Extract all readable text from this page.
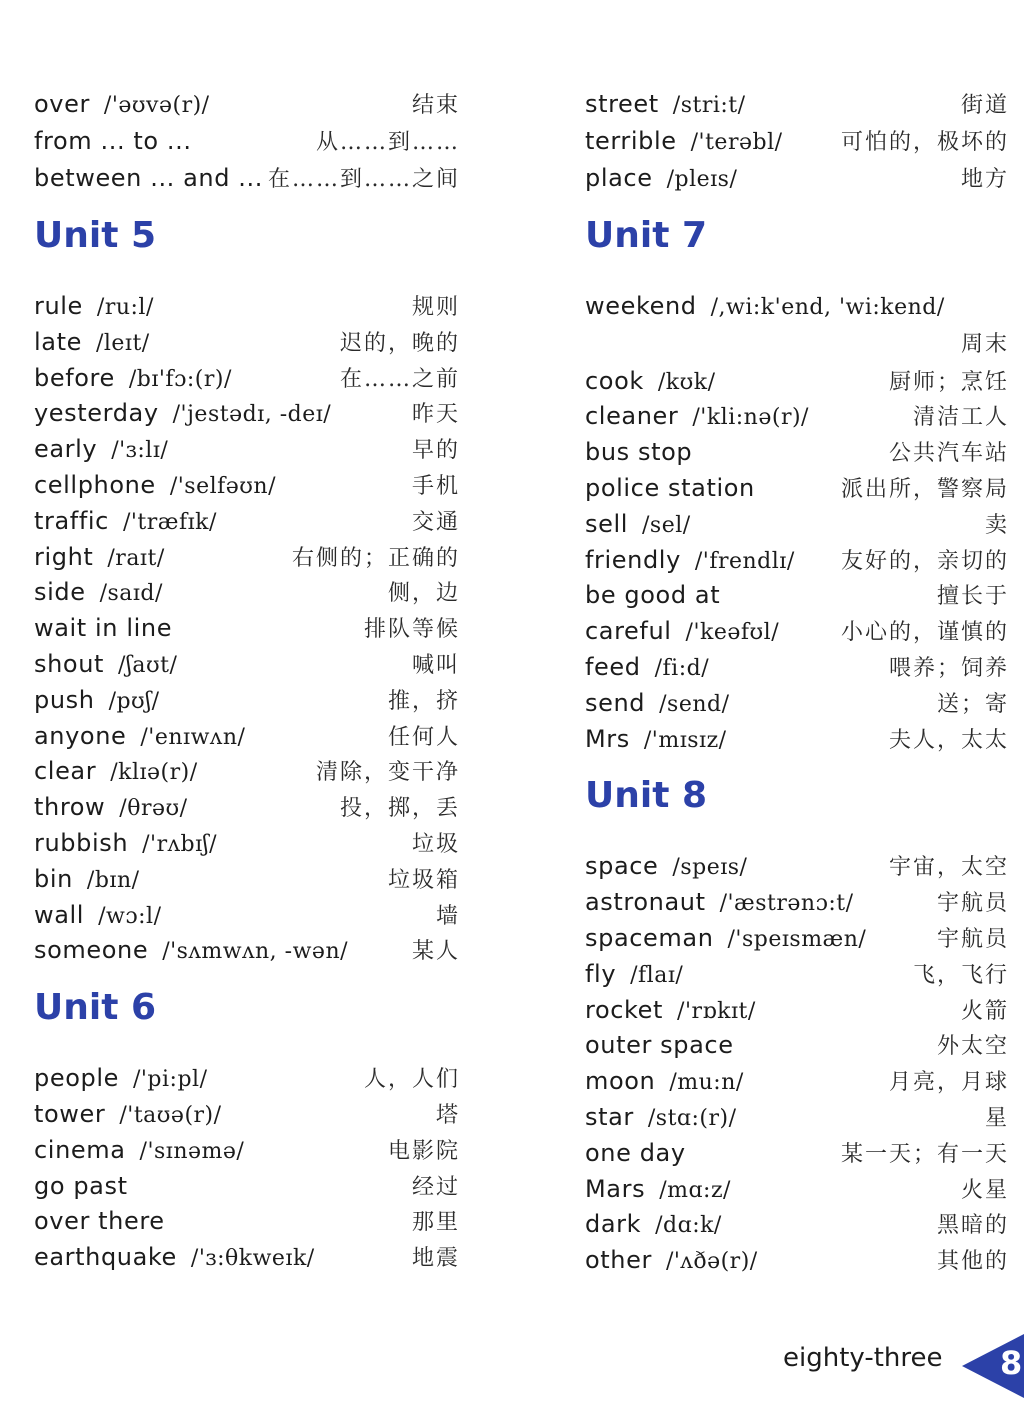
over /'əʊvə(r)/	结束
from ... to ...	从……到……
between ... and ... 在……到……之间
Unit 5
rule /ru:l/	规则
late /leɪt/	迟的，晚的
before /bɪ'fɔ:(r)/	在……之前
yesterday /'jestədɪ, -deɪ/	昨天
early /'ɜ:lɪ/	早的
cellphone /'selfəʊn/	手机
traffic /'træfɪk/	交通
right /raɪt/	右侧的；正确的
side /saɪd/	侧，边
wait in line	排队等候
shout /ʃaʊt/	喊叫
push /pʊʃ/	推，挤
anyone /'enɪwʌn/	任何人
clear /klɪə(r)/	清除，变干净
throw /θrəʊ/	投，掷，丢
rubbish /'rʌbɪʃ/	垃圾
bin /bɪn/	垃圾箱
wall /wɔ:l/	墙
someone /'sʌmwʌn, -wən/	某人
Unit 6
people /'pi:pl/	人，人们
tower /'taʊə(r)/	塔
cinema /'sɪnəmə/	电影院
go past	经过
over there	那里
earthquake /'ɜ:θkweɪk/	地震
street /stri:t/	街道
terrible /'terəbl/	可怕的，极坏的
place /pleɪs/	地方
Unit 7
weekend /,wi:k'end, 'wi:kend/
周末
cook /kʊk/	厨师；烹饪
cleaner /'kli:nə(r)/	清洁工人
bus stop	公共汽车站
police station	派出所，警察局
sell /sel/	卖
friendly /'frendlɪ/ 友好的，亲切的
be good at	擅长于
careful /'keəfʊl/	小心的，谨慎的
feed /fi:d/	喂养；饲养
send /send/	送；寄
Mrs /'mɪsɪz/	夫人，太太
Unit 8
space /speɪs/	宇宙，太空
astronaut /'æstrənɔ:t/	宇航员
spaceman /'speɪsmæn/	宇航员
fly /flaɪ/	飞，飞行
rocket /'rɒkɪt/	火箭
outer space	外太空
moon /mu:n/	月亮，月球
star /stɑ:(r)/	星
one day	某一天；有一天
Mars /mɑ:z/	火星
dark /dɑ:k/	黑暗的
other /'ʌðə(r)/	其他的
eighty-three 8
